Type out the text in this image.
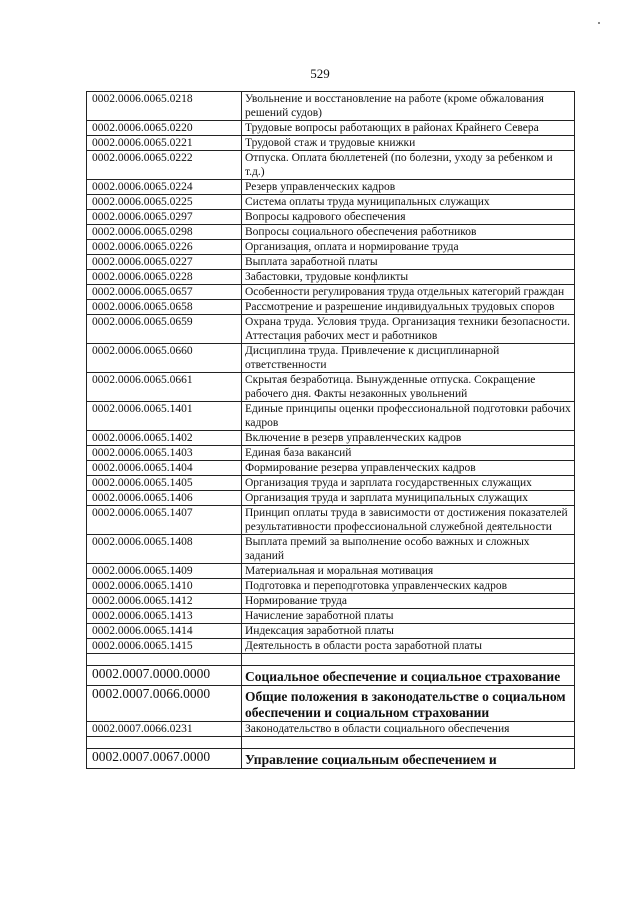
529
0002.0006.0065.0218	Увольнение и восстановление на работе (кроме обжалования решений судов)
0002.0006.0065.0220	Трудовые вопросы работающих в районах Крайнего Севера
0002.0006.0065.0221	Трудовой стаж и трудовые книжки
0002.0006.0065.0222	Отпуска. Оплата бюллетеней (по болезни, уходу за ребенком и т.д.)
0002.0006.0065.0224	Резерв управленческих кадров
0002.0006.0065.0225	Система оплаты труда муниципальных служащих
0002.0006.0065.0297	Вопросы кадрового обеспечения
0002.0006.0065.0298	Вопросы социального обеспечения работников
0002.0006.0065.0226	Организация, оплата и нормирование труда
0002.0006.0065.0227	Выплата заработной платы
0002.0006.0065.0228	Забастовки, трудовые конфликты
0002.0006.0065.0657	Особенности регулирования труда отдельных категорий граждан
0002.0006.0065.0658	Рассмотрение и разрешение индивидуальных трудовых споров
0002.0006.0065.0659	Охрана труда. Условия труда. Организация техники безопасности. Аттестация рабочих мест и работников
0002.0006.0065.0660	Дисциплина труда. Привлечение к дисциплинарной ответственности
0002.0006.0065.0661	Скрытая безработица. Вынужденные отпуска. Сокращение рабочего дня. Факты незаконных увольнений
0002.0006.0065.1401	Единые принципы оценки профессиональной подготовки рабочих кадров
0002.0006.0065.1402	Включение в резерв управленческих кадров
0002.0006.0065.1403	Единая база вакансий
0002.0006.0065.1404	Формирование резерва управленческих кадров
0002.0006.0065.1405	Организация труда и зарплата государственных служащих
0002.0006.0065.1406	Организация труда и зарплата муниципальных служащих
0002.0006.0065.1407	Принцип оплаты труда в зависимости от достижения показателей результативности профессиональной служебной деятельности
0002.0006.0065.1408	Выплата премий за выполнение особо важных и сложных заданий
0002.0006.0065.1409	Материальная и моральная мотивация
0002.0006.0065.1410	Подготовка и переподготовка управленческих кадров
0002.0006.0065.1412	Нормирование труда
0002.0006.0065.1413	Начисление заработной платы
0002.0006.0065.1414	Индексация заработной платы
0002.0006.0065.1415	Деятельность в области роста заработной платы

0002.0007.0000.0000	Социальное обеспечение и социальное страхование
0002.0007.0066.0000	Общие положения в законодательстве о социальном обеспечении и социальном страховании
0002.0007.0066.0231	Законодательство в области социального обеспечения

0002.0007.0067.0000	Управление социальным обеспечением и
